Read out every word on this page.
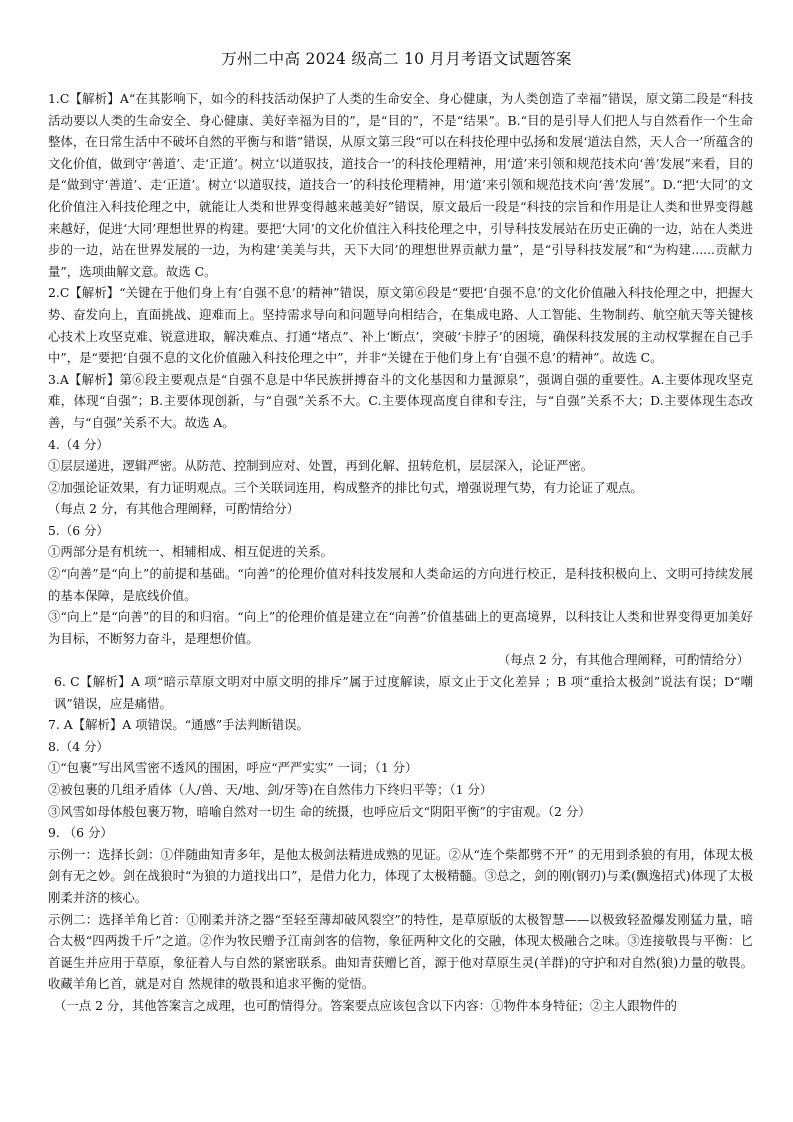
万州二中高 2024 级高二 10 月月考语文试题答案

1.C【解析】A“在其影响下，如今的科技活动保护了人类的生命安全、身心健康，为人类创造了幸福”错误，原文第二段是“科技活动要以人类的生命安全、身心健康、美好幸福为目的”，是“目的”，不是“结果”。B.“目的是引导人们把人与自然看作一个生命整体，在日常生活中不破坏自然的平衡与和谐”错误，从原文第三段“可以在科技伦理中弘扬和发展‘道法自然，天人合一’所蕴含的文化价值，做到守‘善道’、走‘正道’。树立‘以道驭技，道技合一’的科技伦理精神，用‘道’来引领和规范技术向‘善’发展”来看，目的是“做到守‘善道’、走‘正道’。树立‘以道驭技，道技合一’的科技伦理精神，用‘道’来引领和规范技术向‘善’发展”。D.“把‘大同’的文化价值注入科技伦理之中，就能让人类和世界变得越来越美好”错误，原文最后一段是“科技的宗旨和作用是让人类和世界变得越来越好，促进‘大同’理想世界的构建。要把‘大同’的文化价值注入科技伦理之中，引导科技发展站在历史正确的一边，站在人类进步的一边，站在世界发展的一边，为构建‘美美与共，天下大同’的理想世界贡献力量”，是“引导科技发展”和“为构建......贡献力量”，选项曲解文意。故选 C。

2.C【解析】“关键在于他们身上有‘自强不息’的精神”错误，原文第⑥段是“要把‘自强不息’的文化价值融入科技伦理之中，把握大势、奋发向上，直面挑战、迎难而上。坚持需求导向和问题导向相结合，在集成电路、人工智能、生物制药、航空航天等关键核心技术上攻坚克难、锐意进取，解决难点、打通“堵点”、补上‘断点’，突破‘卡脖子’的困境，确保科技发展的主动权掌握在自己手中”，是“要把‘自强不息的文化价值融入科技伦理之中”，并非“关键在于他们身上有‘自强不息’的精神”。故选 C。

3.A【解析】第⑥段主要观点是“自强不息是中华民族拼搏奋斗的文化基因和力量源泉”，强调自强的重要性。A.主要体现攻坚克难，体现“自强”；B.主要体现创新，与“自强”关系不大。C.主要体现高度自律和专注，与“自强”关系不大；D.主要体现生态改善，与“自强”关系不大。故选 A。

4.（4 分）

①层层递进，逻辑严密。从防范、控制到应对、处置，再到化解、扭转危机，层层深入，论证严密。

②加强论证效果，有力证明观点。三个关联词连用，构成整齐的排比句式，增强说理气势，有力论证了观点。

（每点 2 分，有其他合理阐释，可酌情给分）

5.（6 分）

①两部分是有机统一、相辅相成、相互促进的关系。

②“向善”是“向上”的前提和基础。“向善”的伦理价值对科技发展和人类命运的方向进行校正，是科技积极向上、文明可持续发展的基本保障，是底线价值。

③“向上”是“向善”的目的和归宿。“向上”的伦理价值是建立在“向善”价值基础上的更高境界，以科技让人类和世界变得更加美好为目标，不断努力奋斗，是理想价值。

（每点 2 分，有其他合理阐释，可酌情给分）

6. C【解析】A 项“暗示草原文明对中原文明的排斥”属于过度解读，原文止于文化差异 ；B 项“重拾太极剑”说法有误；D“嘲讽”错误，应是痛惜。

7. A【解析】A 项错误。“通感”手法判断错误。

8.（4 分）

①“包裹”写出风雪密不透风的围困，呼应“严严实实” 一词；（1 分）

②被包裹的几组矛盾体（人/兽、天/地、剑/牙等)在自然伟力下终归平等；（1 分）

③风雪如母体般包裹万物，暗喻自然对一切生 命的统摄，也呼应后文“阴阳平衡”的宇宙观。（2 分）

9. （6 分）

示例一：选择长剑：①伴随曲知青多年，是他太极剑法精进成熟的见证。②从“连个柴都劈不开” 的无用到杀狼的有用，体现太极剑有无之妙。剑在战狼时“为狼的力道找出口”，是借力化力，体现了太极精髓。③总之，剑的刚(钢刃)与柔(飘逸招式)体现了太极刚柔并济的核心。

示例二：选择羊角匕首：①刚柔并济之器“至轻至薄却破风裂空”的特性，是草原版的太极智慧——以极致轻盈爆发刚猛力量，暗合太极“四两拨千斤”之道。②作为牧民赠予江南剑客的信物，象征两种文化的交融，体现太极融合之味。③连接敬畏与平衡：匕首诞生并应用于草原，象征着人与自然的紧密联系。曲知青获赠匕首，源于他对草原生灵(羊群)的守护和对自然(狼)力量的敬畏。收藏羊角匕首，就是对自 然规律的敬畏和追求平衡的觉悟。

（一点 2 分，其他答案言之成理，也可酌情得分。答案要点应该包含以下内容：①物件本身特征；②主人跟物件的
